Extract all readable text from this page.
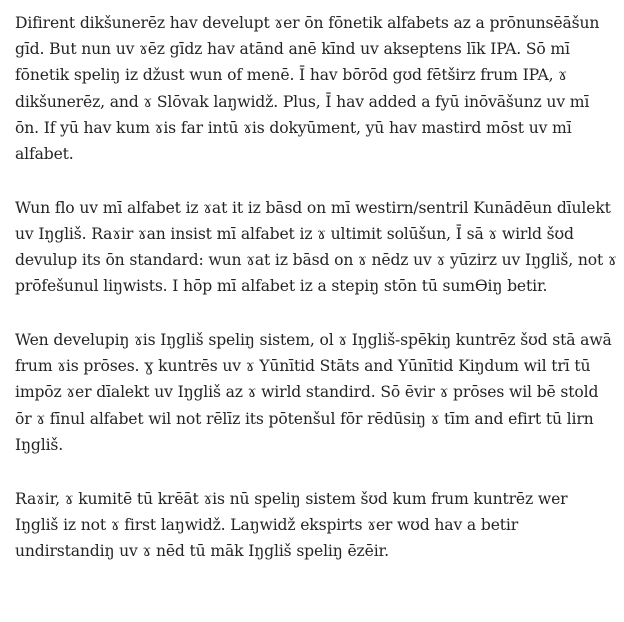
Difirent dikšunerēz hav develupt ɤer ōn fōnetik alfabets az a prōnunsēāšun
gīd. But nun uv ɤēz gīdz hav atānd anē kīnd uv akseptens līk IPA. Sō mī
fōnetik speliŋ iz džust wun of menē. Ī hav bōrōd gʊd fētširz frum IPA, ɤ
dikšunerēz, and ɤ Slōvak laŋwidž. Plus, Ī hav added a fyū inōvāšunz uv mī
ōn. If yū hav kum ɤis far intū ɤis dokyūment, yū hav mastird mōst uv mī
alfabet.

Wun flo uv mī alfabet iz ɤat it iz bāsd on mī westirn/sentril Kunādēun dīulekt
uv Iŋgliš. Raɤir ɤan insist mī alfabet iz ɤ ultimit solūšun, Ī sā ɤ wirld šʊd
devulup its ōn standard: wun ɤat iz bāsd on ɤ nēdz uv ɤ yūzirz uv Iŋgliš, not ɤ
prōfešunul liŋwists. I hōp mī alfabet iz a stepiŋ stōn tū sumϴiŋ betir.

Wen develupiŋ ɤis Iŋgliš speliŋ sistem, ol ɤ Iŋgliš-spēkiŋ kuntrēz šʊd stā awā
frum ɤis prōses. ɣ kuntrēs uv ɤ Yūnītid Stāts and Yūnītid Kiŋdum wil trī tū
impōz ɤer dīalekt uv Iŋgliš az ɤ wirld standird. Sō ēvir ɤ prōses wil bē stold
ōr ɤ fīnul alfabet wil not rēlīz its pōtenšul fōr rēdūsiŋ ɤ tīm and efirt tū lirn
Iŋgliš.

Raɤir, ɤ kumitē tū krēāt ɤis nū speliŋ sistem šʊd kum frum kuntrēz wer
Iŋgliš iz not ɤ first laŋwidž. Laŋwidž ekspirts ɤer wʊd hav a betir
undirstandiŋ uv ɤ nēd tū māk Iŋgliš speliŋ ēzēir.
